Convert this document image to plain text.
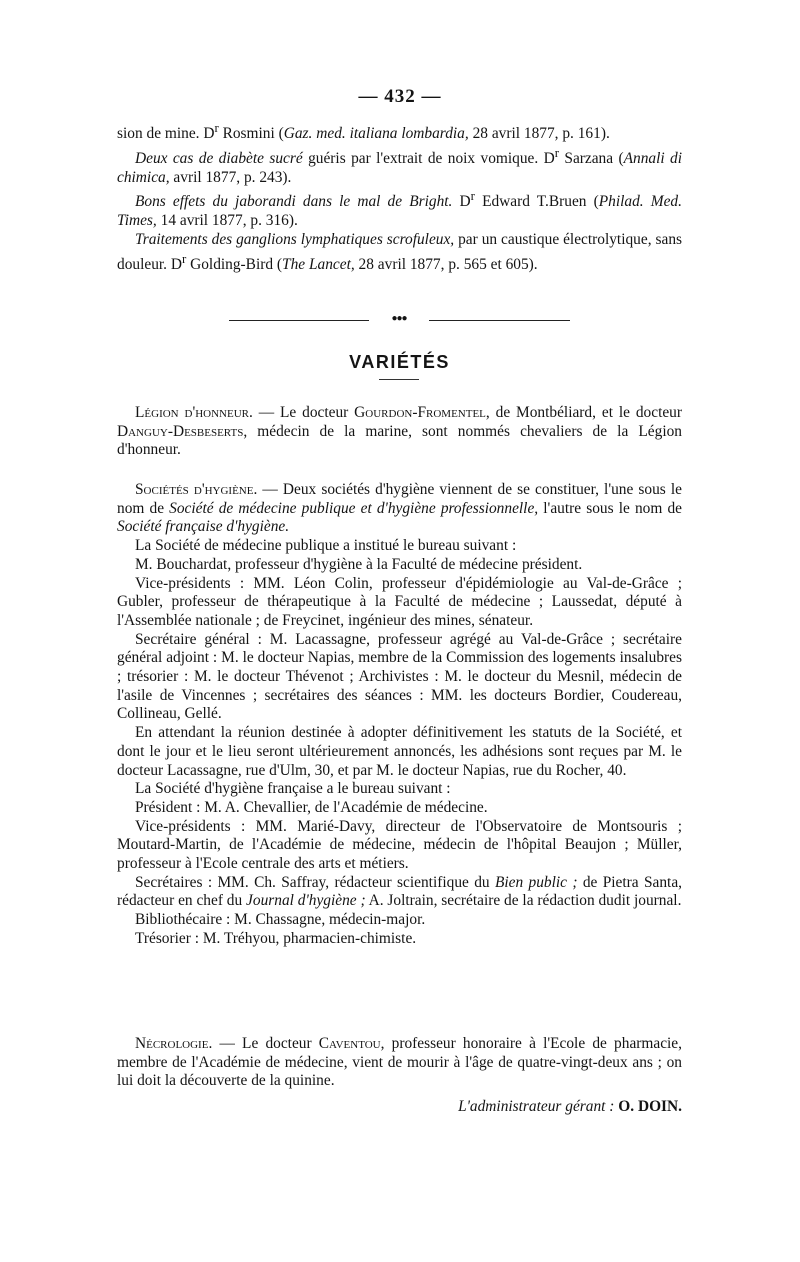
— 432 —

sion de mine. $D^r$ Rosmini (Gaz. med. italiana lombardia, 28 avril 1877, p. 161).

Deux cas de diabète sucré guéris par l'extrait de noix vomique. $D^r$ Sarzana (Annali di chimica, avril 1877, p. 243).

Bons effets du jaborandi dans le mal de Bright. $D^r$ Edward T.Bruen (Philad. Med. Times, 14 avril 1877, p. 316).

Traitements des ganglions lymphatiques scrofuleux, par un caustique électrolytique, sans douleur. $D^r$ Golding-Bird (The Lancet, 28 avril 1877, p. 565 et 605).

●●●
VARIÉTÉS

Légion d'honneur. — Le docteur Gourdon-Fromentel, de Montbéliard, et le docteur Danguy-Desbeserts, médecin de la marine, sont nommés chevaliers de la Légion d'honneur.

Sociétés d'hygiène. — Deux sociétés d'hygiène viennent de se constituer, l'une sous le nom de Société de médecine publique et d'hygiène professionnelle, l'autre sous le nom de Société française d'hygiène.

La Société de médecine publique a institué le bureau suivant :

M. Bouchardat, professeur d'hygiène à la Faculté de médecine président.

Vice-présidents : MM. Léon Colin, professeur d'épidémiologie au Val-de-Grâce ; Gubler, professeur de thérapeutique à la Faculté de médecine ; Laussedat, député à l'Assemblée nationale ; de Freycinet, ingénieur des mines, sénateur.

Secrétaire général : M. Lacassagne, professeur agrégé au Val-de-Grâce ; secrétaire général adjoint : M. le docteur Napias, membre de la Commission des logements insalubres ; trésorier : M. le docteur Thévenot ; Archivistes : M. le docteur du Mesnil, médecin de l'asile de Vincennes ; secrétaires des séances : MM. les docteurs Bordier, Coudereau, Collineau, Gellé.

En attendant la réunion destinée à adopter définitivement les statuts de la Société, et dont le jour et le lieu seront ultérieurement annoncés, les adhésions sont reçues par M. le docteur Lacassagne, rue d'Ulm, 30, et par M. le docteur Napias, rue du Rocher, 40.

La Société d'hygiène française a le bureau suivant :

Président : M. A. Chevallier, de l'Académie de médecine.

Vice-présidents : MM. Marié-Davy, directeur de l'Observatoire de Montsouris ; Moutard-Martin, de l'Académie de médecine, médecin de l'hôpital Beaujon ; Müller, professeur à l'Ecole centrale des arts et métiers.

Secrétaires : MM. Ch. Saffray, rédacteur scientifique du Bien public ; de Pietra Santa, rédacteur en chef du Journal d'hygiène ; A. Joltrain, secrétaire de la rédaction dudit journal.

Bibliothécaire : M. Chassagne, médecin-major.

Trésorier : M. Tréhyou, pharmacien-chimiste.

Nécrologie. — Le docteur Caventou, professeur honoraire à l'Ecole de pharmacie, membre de l'Académie de médecine, vient de mourir à l'âge de quatre-vingt-deux ans ; on lui doit la découverte de la quinine.

L'administrateur gérant : O. DOIN.
